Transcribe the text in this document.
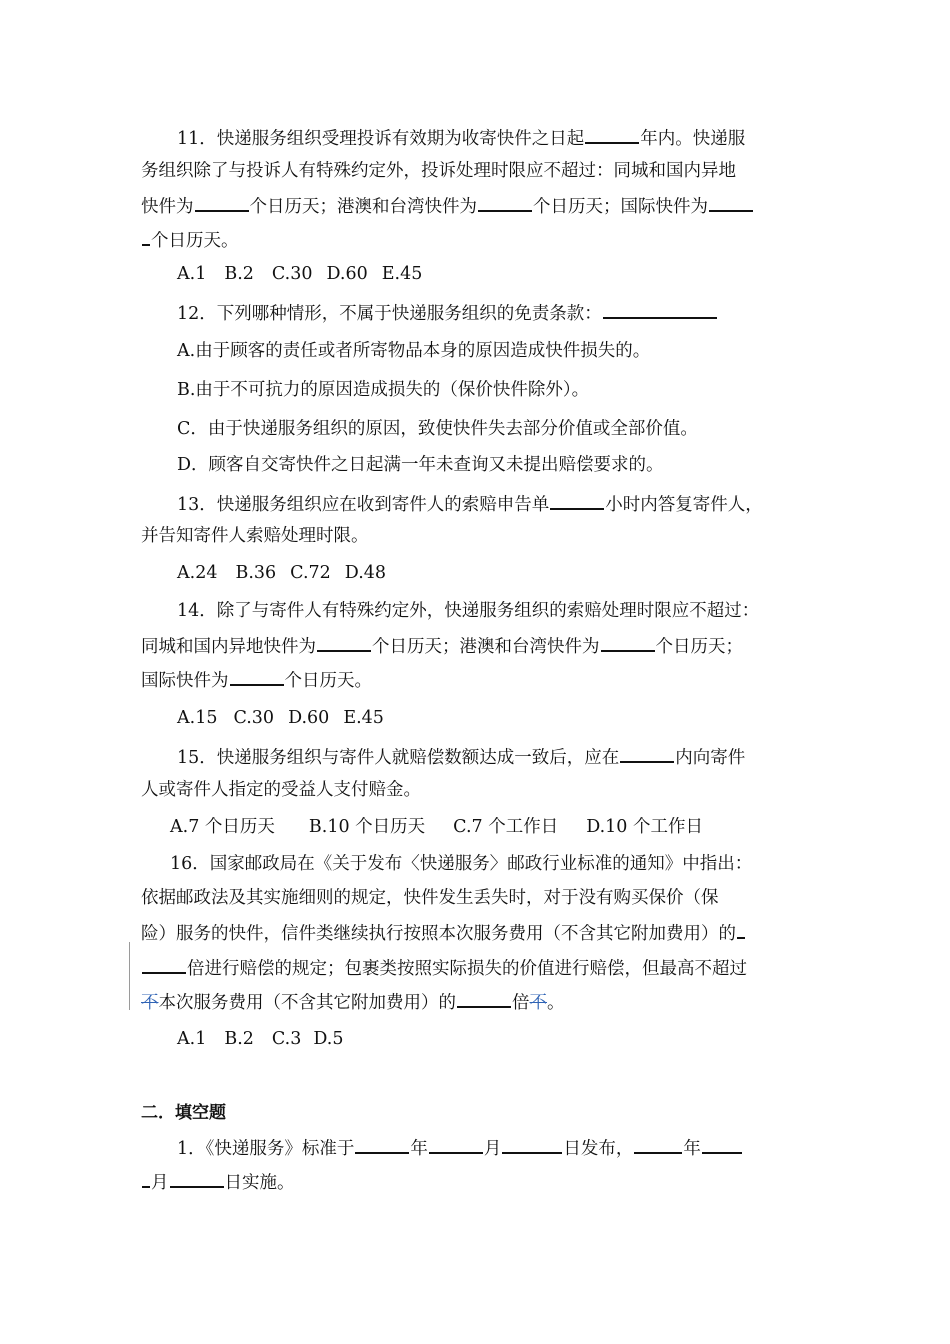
11．快递服务组织受理投诉有效期为收寄快件之日起	年内。快递服
务组织除了与投诉人有特殊约定外，投诉处理时限应不超过：同城和国内异地
快件为	个日历天；港澳和台湾快件为	个日历天；国际快件为
个日历天。
A.1 B.2 C.30 D.60 E.45
12．下列哪种情形，不属于快递服务组织的免责条款：
A.由于顾客的责任或者所寄物品本身的原因造成快件损失的。
B.由于不可抗力的原因造成损失的（保价快件除外）。
C．由于快递服务组织的原因，致使快件失去部分价值或全部价值。
D．顾客自交寄快件之日起满一年未查询又未提出赔偿要求的。
13．快递服务组织应在收到寄件人的索赔申告单	小时内答复寄件人，
并告知寄件人索赔处理时限。
A.24 B.36 C.72 D.48
14．除了与寄件人有特殊约定外，快递服务组织的索赔处理时限应不超过：
同城和国内异地快件为	个日历天；港澳和台湾快件为	个日历天；
国际快件为	个日历天。
A.15 C.30 D.60 E.45
15．快递服务组织与寄件人就赔偿数额达成一致后，应在	内向寄件
人或寄件人指定的受益人支付赔金。
A.7 个日历天 B.10 个日历天 C.7 个工作日 D.10 个工作日
16．国家邮政局在《关于发布〈快递服务〉邮政行业标准的通知》中指出：
依据邮政法及其实施细则的规定，快件发生丢失时，对于没有购买保价（保
险）服务的快件，信件类继续执行按照本次服务费用（不含其它附加费用）的
倍进行赔偿的规定；包裹类按照实际损失的价值进行赔偿，但最高不超过
不本次服务费用（不含其它附加费用）的	倍不。
A.1 B.2 C.3 D.5
二．填空题
1．《快递服务》标准于	年	月	日发布，	年
月	日实施。
